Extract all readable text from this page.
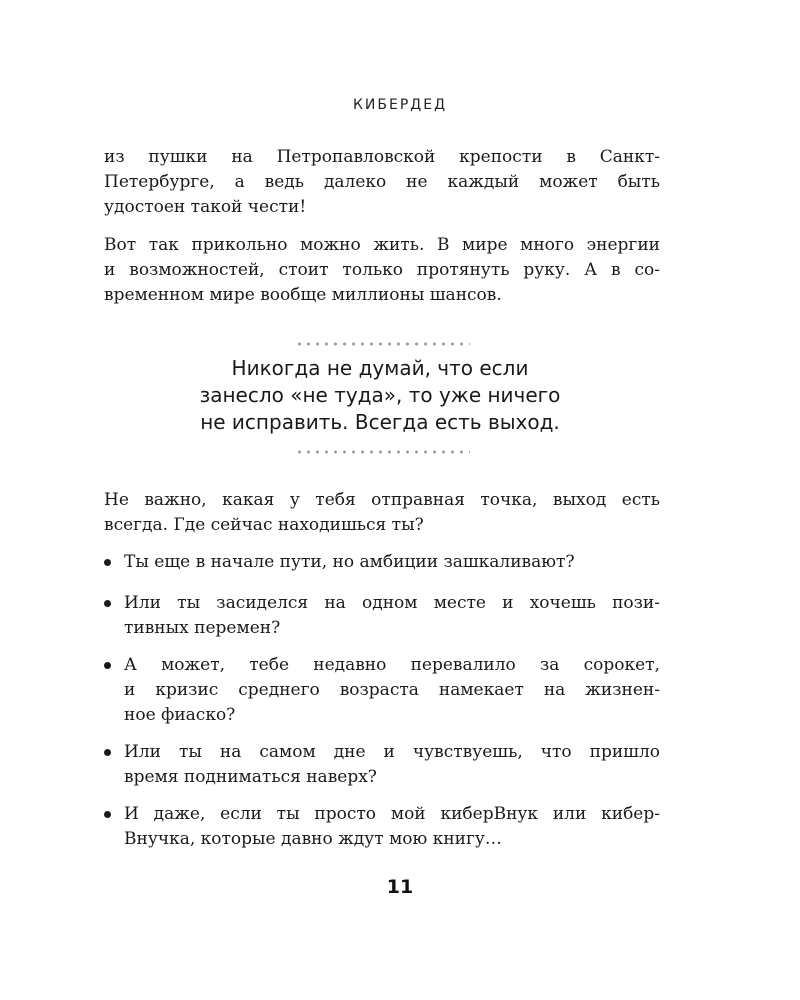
КИБЕРДЕД
из пушки на Петропавловской крепости в Санкт-
Петербурге, а ведь далеко не каждый может быть
удостоен такой чести!
Вот так прикольно можно жить. В мире много энергии
и возможностей, стоит только протянуть руку. А в со-
временном мире вообще миллионы шансов.
Никогда не думай, что если
занесло «не туда», то уже ничего
не исправить. Всегда есть выход.
Не важно, какая у тебя отправная точка, выход есть
всегда. Где сейчас находишься ты?
Ты еще в начале пути, но амбиции зашкаливают?
Или ты засиделся на одном месте и хочешь пози-
тивных перемен?
А может, тебе недавно перевалило за сорокет,
и кризис среднего возраста намекает на жизнен-
ное фиаско?
Или ты на самом дне и чувствуешь, что пришло
время подниматься наверх?
И даже, если ты просто мой киберВнук или кибер-
Внучка, которые давно ждут мою книгу…
11
